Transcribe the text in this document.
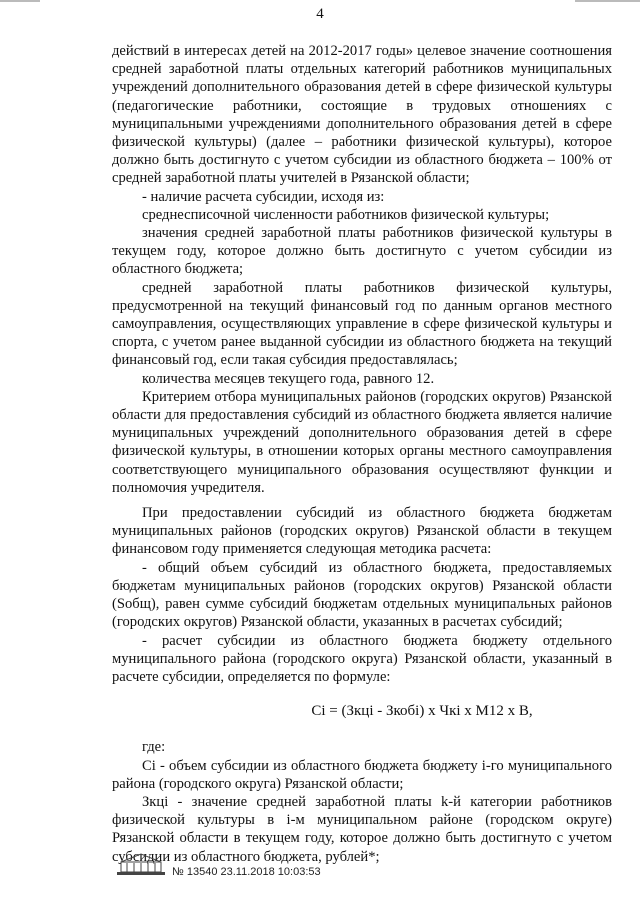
4

действий в интересах детей на 2012-2017 годы» целевое значение соотношения средней заработной платы отдельных категорий работников муниципальных учреждений дополнительного образования детей в сфере физической культуры (педагогические работники, состоящие в трудовых отношениях с муниципальными учреждениями дополнительного образования детей в сфере физической культуры) (далее – работники физической культуры), которое должно быть достигнуто с учетом субсидии из областного бюджета – 100% от средней заработной платы учителей в Рязанской области;

- наличие расчета субсидии, исходя из:

среднесписочной численности работников физической культуры;

значения средней заработной платы работников физической культуры в текущем году, которое должно быть достигнуто с учетом субсидии из областного бюджета;

средней заработной платы работников физической культуры, предусмотренной на текущий финансовый год по данным органов местного самоуправления, осуществляющих управление в сфере физической культуры и спорта, с учетом ранее выданной субсидии из областного бюджета на текущий финансовый год, если такая субсидия предоставлялась;

количества месяцев текущего года, равного 12.

Критерием отбора муниципальных районов (городских округов) Рязанской области для предоставления субсидий из областного бюджета является наличие муниципальных учреждений дополнительного образования детей в сфере физической культуры, в отношении которых органы местного самоуправления соответствующего муниципального образования осуществляют функции и полномочия учредителя.

При предоставлении субсидий из областного бюджета бюджетам муниципальных районов (городских округов) Рязанской области в текущем финансовом году применяется следующая методика расчета:

- общий объем субсидий из областного бюджета, предоставляемых бюджетам муниципальных районов (городских округов) Рязанской области (Sобщ), равен сумме субсидий бюджетам отдельных муниципальных районов (городских округов) Рязанской области, указанных в расчетах субсидий;

- расчет субсидии из областного бюджета бюджету отдельного муниципального района (городского округа) Рязанской области, указанный в расчете субсидии, определяется по формуле:

Ci = (Зкцi - Зкобi) х Чкi х М12 х В,

где:

Ci - объем субсидии из областного бюджета бюджету i-го муниципального района (городского округа) Рязанской области;

Зкцi - значение средней заработной платы k-й категории работников физической культуры в i-м муниципальном районе (городском округе) Рязанской области в текущем году, которое должно быть достигнуто с учетом субсидии из областного бюджета, рублей*;

№ 13540 23.11.2018 10:03:53
